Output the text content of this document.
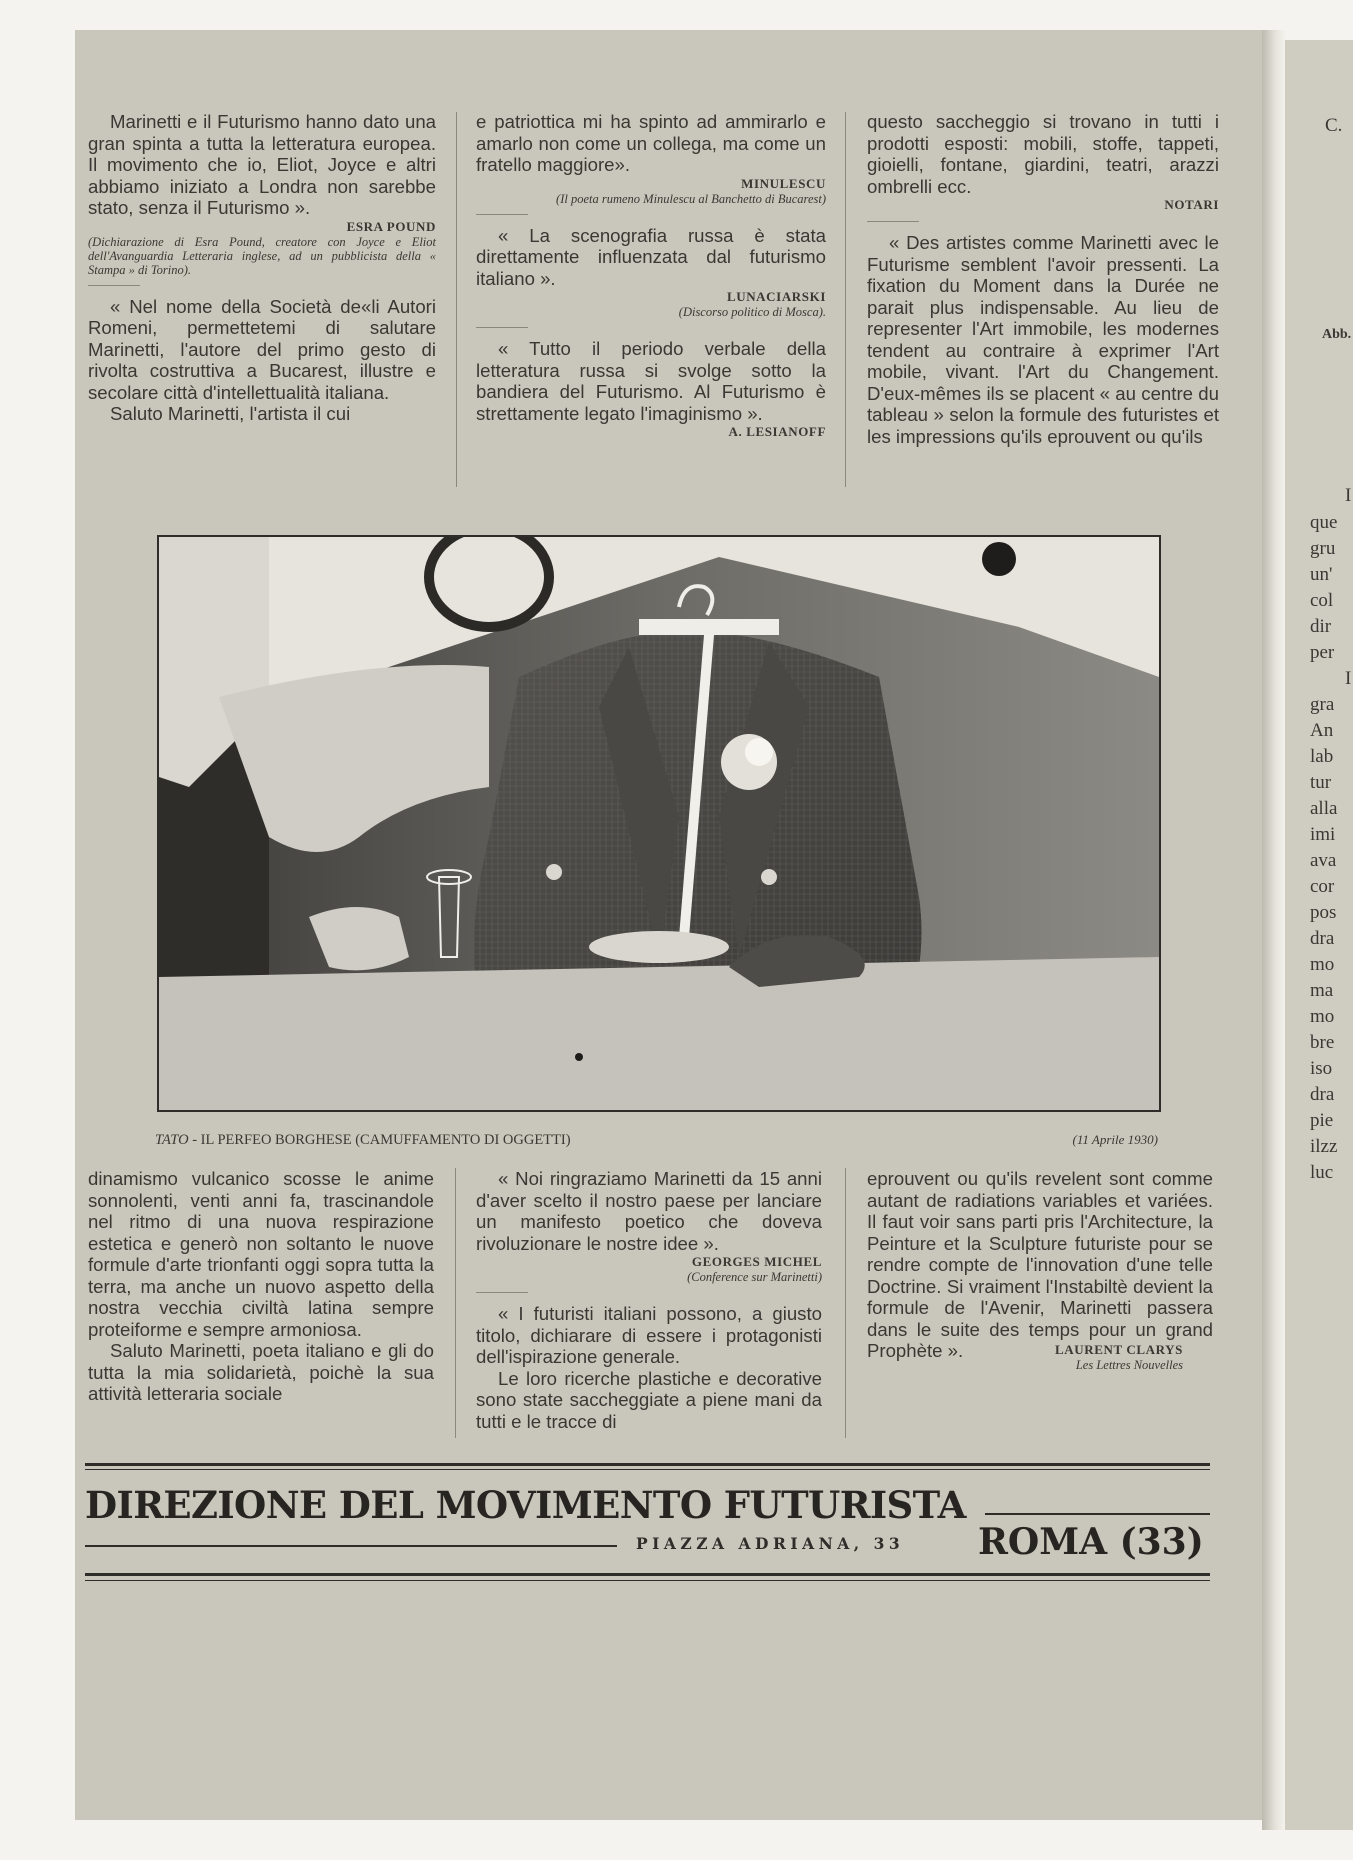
Marinetti e il Futurismo hanno dato una gran spinta a tutta la letteratura europea. Il movimento che io, Eliot, Joyce e altri abbiamo iniziato a Londra non sarebbe stato, senza il Futurismo ».

ESRA POUND

(Dichiarazione di Esra Pound, creatore con Joyce e Eliot dell'Avanguardia Letteraria inglese, ad un pubblicista della « Stampa » di Torino).

« Nel nome della Società de«li Autori Romeni, permettetemi di salutare Marinetti, l'autore del primo gesto di rivolta costruttiva a Bucarest, illustre e secolare città d'intellettualità italiana.

Saluto Marinetti, l'artista il cui

e patriottica mi ha spinto ad ammirarlo e amarlo non come un collega, ma come un fratello maggiore».

MINULESCU

(Il poeta rumeno Minulescu al Banchetto di Bucarest)

« La scenografia russa è stata direttamente influenzata dal futurismo italiano ».

LUNACIARSKI

(Discorso politico di Mosca).

« Tutto il periodo verbale della letteratura russa si svolge sotto la bandiera del Futurismo. Al Futurismo è strettamente legato l'imaginismo ».

A. LESIANOFF

questo saccheggio si trovano in tutti i prodotti esposti: mobili, stoffe, tappeti, gioielli, fontane, giardini, teatri, arazzi ombrelli ecc.

NOTARI

« Des artistes comme Marinetti avec le Futurisme semblent l'avoir pressenti. La fixation du Moment dans la Durée ne parait plus indispensable. Au lieu de representer l'Art immobile, les modernes tendent au contraire à exprimer l'Art mobile, vivant. l'Art du Changement. D'eux-mêmes ils se placent « au centre du tableau » selon la formule des futuristes et les impressions qu'ils eprouvent ou qu'ils

TATO - IL PERFEO BORGHESE (CAMUFFAMENTO DI OGGETTI)	(11 Aprile 1930)

dinamismo vulcanico scosse le anime sonnolenti, venti anni fa, trascinandole nel ritmo di una nuova respirazione estetica e generò non soltanto le nuove formule d'arte trionfanti oggi sopra tutta la terra, ma anche un nuovo aspetto della nostra vecchia civiltà latina sempre proteiforme e sempre armoniosa.

Saluto Marinetti, poeta italiano e gli do tutta la mia solidarietà, poichè la sua attività letteraria sociale

« Noi ringraziamo Marinetti da 15 anni d'aver scelto il nostro paese per lanciare un manifesto poetico che doveva rivoluzionare le nostre idee ».

GEORGES MICHEL

(Conference sur Marinetti)

« I futuristi italiani possono, a giusto titolo, dichiarare di essere i protagonisti dell'ispirazione generale.

Le loro ricerche plastiche e decorative sono state saccheggiate a piene mani da tutti e le tracce di

eprouvent ou qu'ils revelent sont comme autant de radiations variables et variées. Il faut voir sans parti pris l'Architecture, la Peinture et la Sculpture futuriste pour se rendre compte de l'innovation d'une telle Doctrine. Si vraiment l'Instabiltè devient la formule de l'Avenir, Marinetti passera dans le suite des temps pour un grand Prophète ».	LAURENT CLARYS

Les Lettres Nouvelles

DIREZIONE DEL MOVIMENTO FUTURISTA
PIAZZA ADRIANA, 33 ROMA (33)
C.
Abb.
I
que
gru
un'
col
dir
per
I
gra
An
lab
tur
alla
imi
ava
cor
pos
dra
mo
ma
mo
bre
iso
dra
pie
ilzz
luc
